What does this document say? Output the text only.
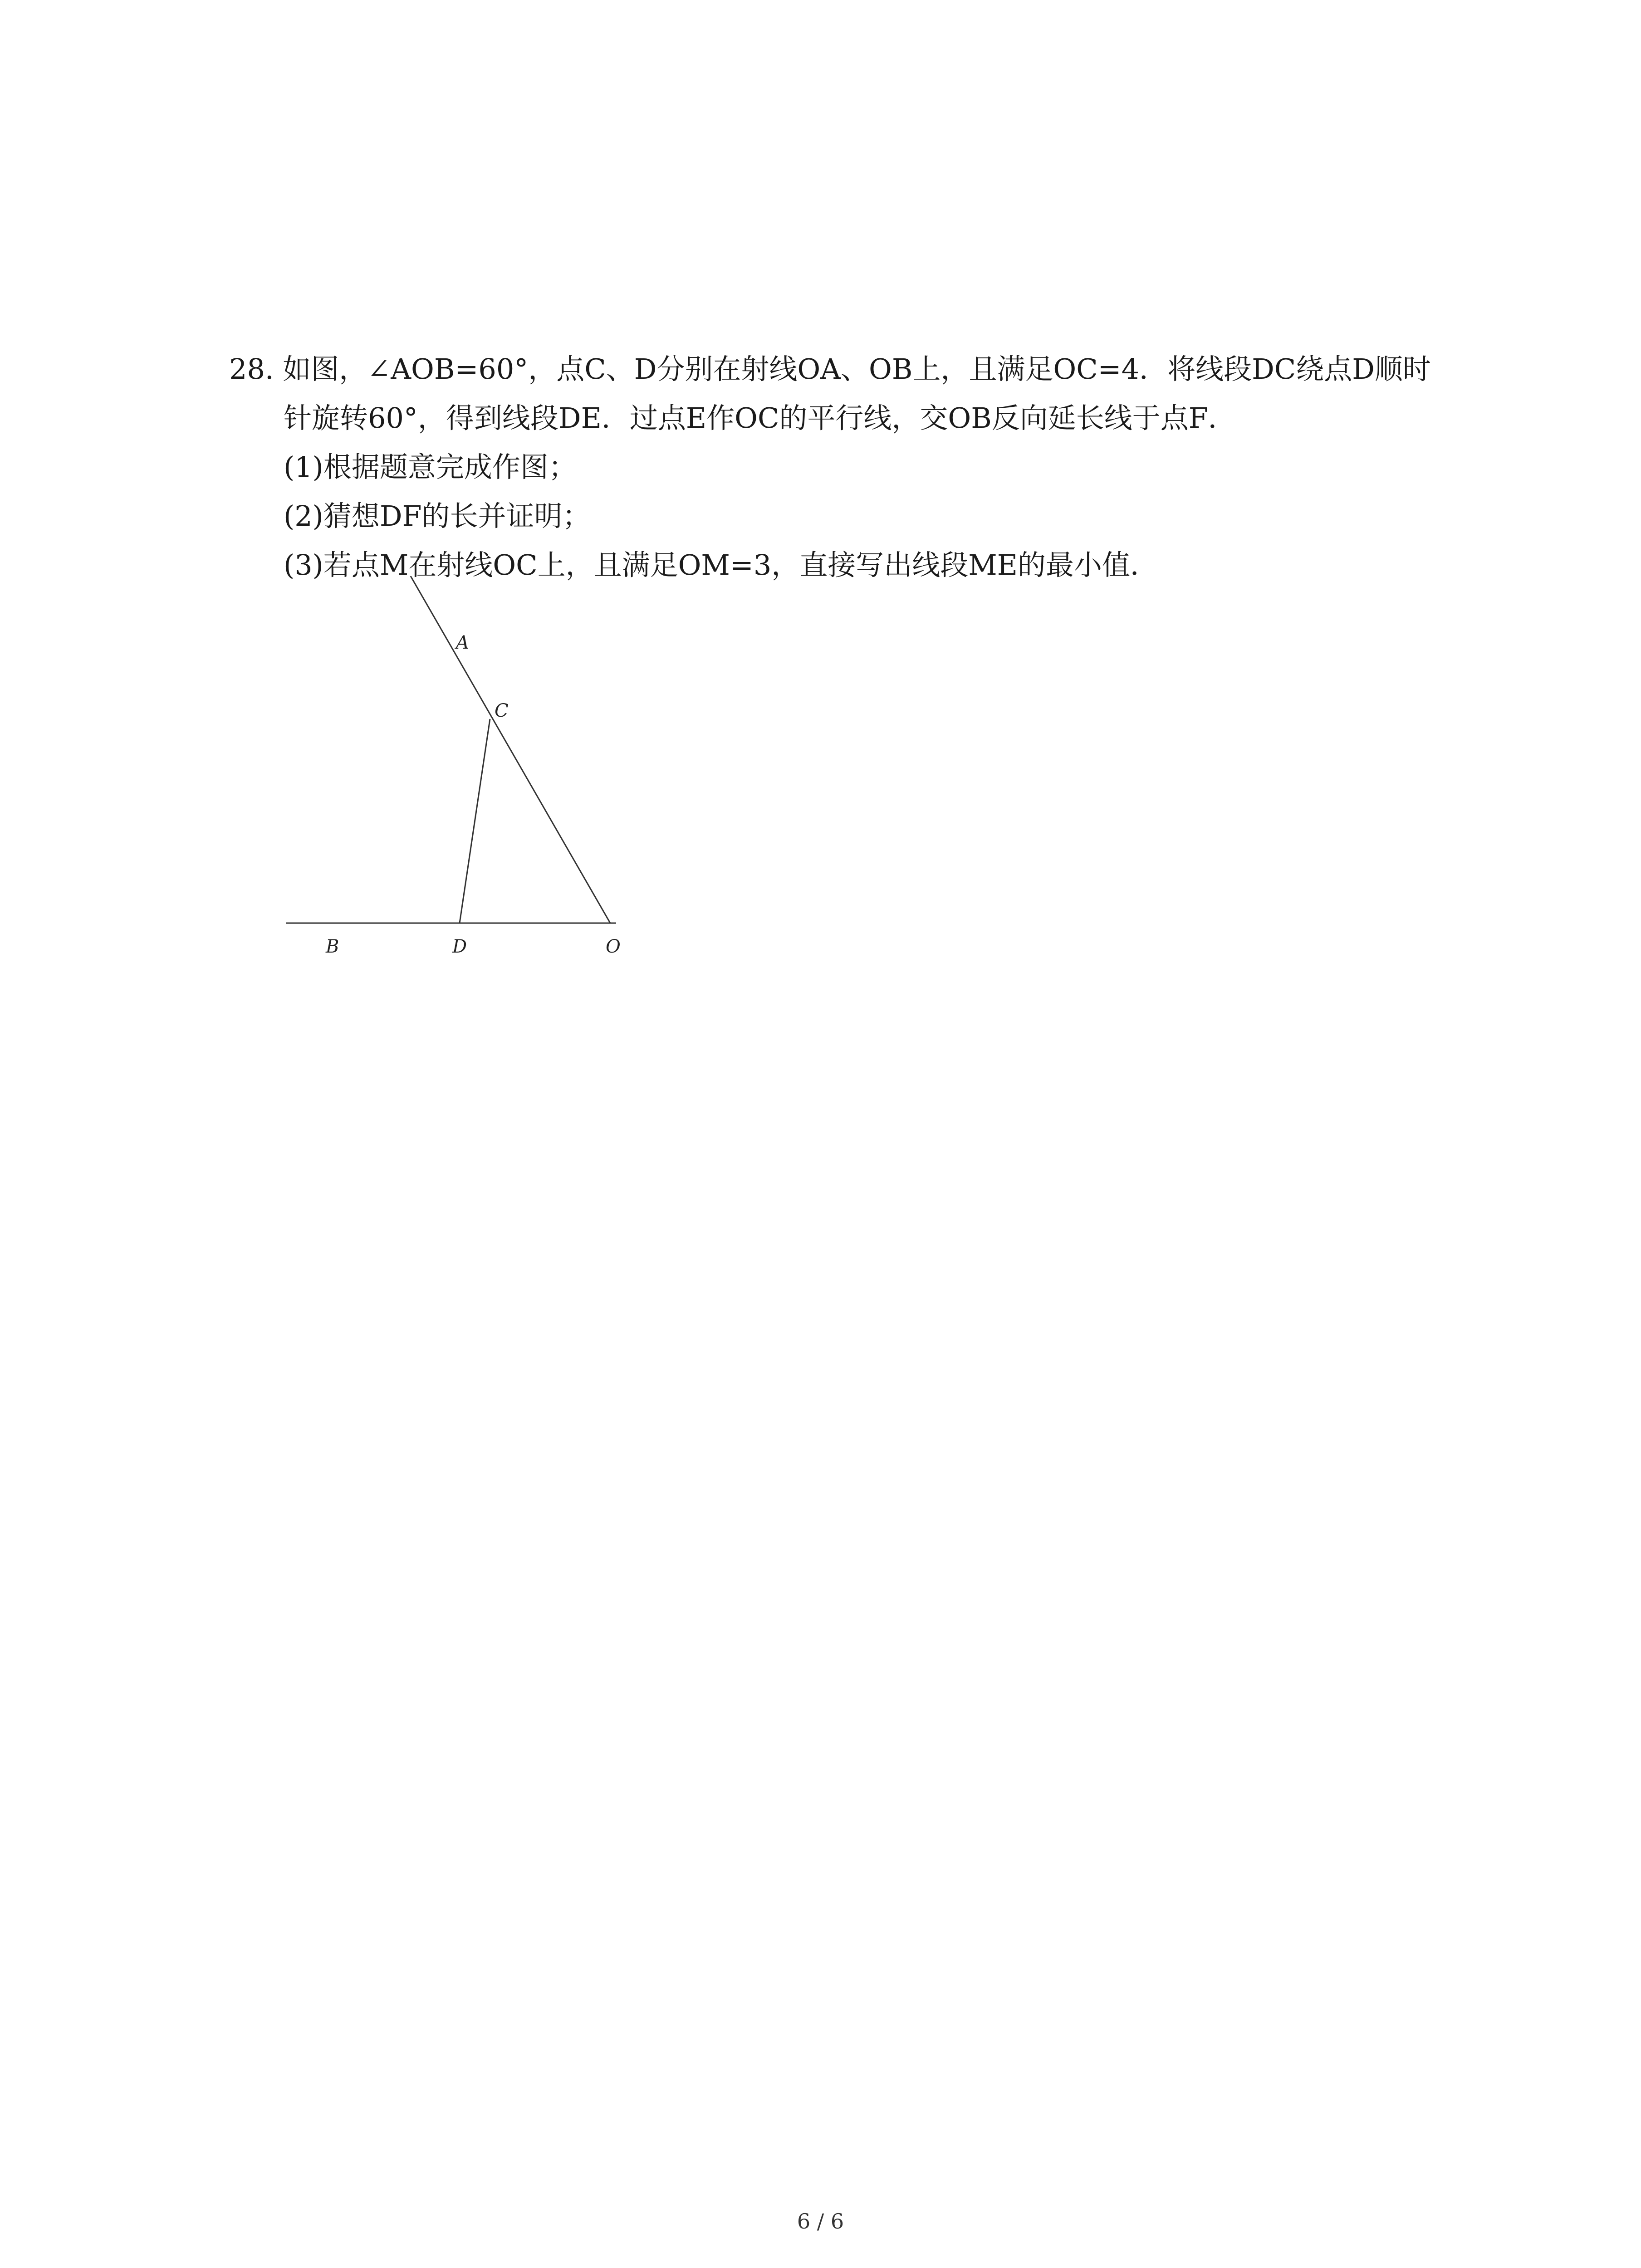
28. 如图，∠AOB=60°，点C、D分别在射线OA、OB上，且满足OC=4．将线段DC绕点D顺时

针旋转60°，得到线段DE．过点E作OC的平行线，交OB反向延长线于点F．

(1)根据题意完成作图；

(2)猜想DF的长并证明；

(3)若点M在射线OC上，且满足OM=3，直接写出线段ME的最小值．

A
C
B	D	O
6 / 6
